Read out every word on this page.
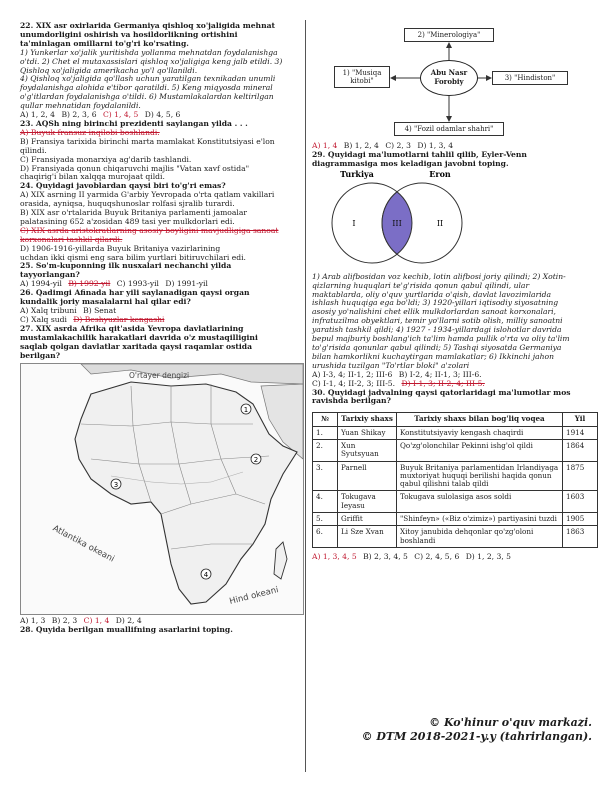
22. XIX asr oxirlarida Germaniya qishloq xo'jaligida mehnat
unumdorligini oshirish va hosildorlikning ortishini
ta'minlagan omillarni to'g'ri ko'rsating.
1) Yunkerlar xo'jalik yuritishda yollanma mehnatdan foydalanishga
o'tdi. 2) Chet el mutaxassislari qishloq xo'jaligiga keng jalb etildi. 3)
Qishloq xo'jaligida amerikacha yo'l qo'llanildi.
4) Qishloq xo'jaligida qo'llash uchun yaratilgan texnikadan unumli
foydalanishga alohida e'tibor qaratildi. 5) Keng miqyosda mineral
o'g'itlardan foydalanishga o'tildi. 6) Mustamlakalardan keltirilgan
qullar mehnatidan foydalanildi.
A) 1, 2, 4 B) 2, 3, 6 C) 1, 4, 5 D) 4, 5, 6
23. AQSh ning birinchi prezidenti saylangan yilda . . .
A) Buyuk fransuz inqilobi boshlandi.
B) Fransiya tarixida birinchi marta mamlakat Konstitutsiyasi e'lon
qilindi.
C) Fransiyada monarxiya ag'darib tashlandi.
D) Fransiyada qonun chiqaruvchi majlis "Vatan xavf ostida"
chaqirig'i bilan xalqqa murojaat qildi.
24. Quyidagi javoblardan qaysi biri to'g'ri emas?
A) XIX asrning II yarmida G'arbiy Yevropada o'rta qatlam vakillari
orasida, ayniqsa, huquqshunoslar rolfasi sjralib turardi.
B) XIX asr o'rtalarida Buyuk Britaniya parlamenti jamoalar
palatasining 652 a'zosidan 489 tasi yer mulkdorlari edi.
C) XIX asrda aristokratlarning asosiy boyligini mavjudligiga sanoat
korxonalari tashkil qilardi.
D) 1906-1916-yillarda Buyuk Britaniya vazirlarining
uchdan ikki qismi eng sara bilim yurtlari bitiruvchilari edi.
25. So'm-kuponning ilk nusxalari nechanchi yilda
tayyorlangan?
A) 1994-yil B) 1992-yil C) 1993-yil D) 1991-yil
26. Qadimgi Afinada har yili saylanadigan qaysi organ
kundalik joriy masalalarni hal qilar edi?
A) Xalq tribuni B) Senat
C) Xalq sudi D) Beshyuzlar kengashi
27. XIX asrda Afrika qit'asida Yevropa davlatlarining
mustamlakachilik harakatlari davrida o'z mustaqilligini
saqlab qolgan davlatlar xaritada qaysi raqamlar ostida
berilgan?
1
2
3
4
O'rtayer dengizi
Atlantika okeani
Hind okeani
A) 1, 3 B) 2, 3 C) 1, 4 D) 2, 4
28. Quyida berilgan muallifning asarlarini toping.
2) "Minerologiya"
1) "Musiqa
kitobi"
Abu Nasr
Forobiy	3) "Hindiston"
4) "Fozil odamlar shahri"
A) 1, 4 B) 1, 2, 4 C) 2, 3 D) 1, 3, 4
29. Quyidagi ma'lumotlarni tahlil qilib, Eyler-Venn
diagrammasiga mos keladigan javobni toping.
Turkiya	Eron
I	III	II
1) Arab alifbosidan voz kechib, lotin alifbosi joriy qilindi; 2) Xotin-
qizlarning huquqlari te'g'risida qonun qabul qilindi, ular
maktablarda, oliy o'quv yurtlarida o'qish, davlat lavozimlarida
ishlash huquqiga ega bo'ldi; 3) 1920-yillari iqtisodiy siyosatning
asosiy yo'nalishini chet ellik mulkdorlardan sanoat korxonalari,
infratuzilma obyektlari, temir yo'llarni sotib olish, milliy sanoatni
yaratish tashkil qildi; 4) 1927 - 1934-yillardagi islohotlar davrida
bepul majburiy boshlang'ich ta'lim hamda pullik o'rta va oliy ta'lim
to'g'risida qonunlar qabul qilindi; 5) Tashqi siyosatda Germaniya
bilan hamkorlikni kuchaytirgan mamlakatlar; 6) Ikkinchi jahon
urushida tuzilgan "To'rtlar bloki" a'zolari
A) I-3, 4; II-1, 2; III-6 B) I-2, 4; II-1, 3; III-6.
C) I-1, 4; II-2, 3; III-5. D) I-1, 3; II-2, 4; III-5.
30. Quyidagi jadvalning qaysi qatorlaridagi ma'lumotlar mos
ravishda berilgan?
№	Tarixiy shaxs	Tarixiy shaxs bilan bog'liq voqea	Yil
1.	Yuan Shikay	Konstitutsiyaviy kengash chaqirdi	1914
2.	Xun Syutsyuan	Qo'zg'olonchilar Pekinni ishg'ol qildi	1864
3.	Parnell	Buyuk Britaniya parlamentidan Irlandiyaga muxtoriyat huquqi berilishi haqida qonun qabul qilishni talab qildi	1875
4.	Tokugava Ieyasu	Tokugava sulolasiga asos soldi	1603
5.	Griffit	"Shinfeyn» («Biz o'zimiz») partiyasini tuzdi	1905
6.	Li Sze Xvan	Xitoy janubida dehqonlar qo'zg'oloni boshlandi	1863
A) 1, 3, 4, 5 B) 2, 3, 4, 5 C) 2, 4, 5, 6 D) 1, 2, 3, 5
© Ko'hinur o'quv markazi.
© DTM 2018-2021-y.y (tahrirlangan).
